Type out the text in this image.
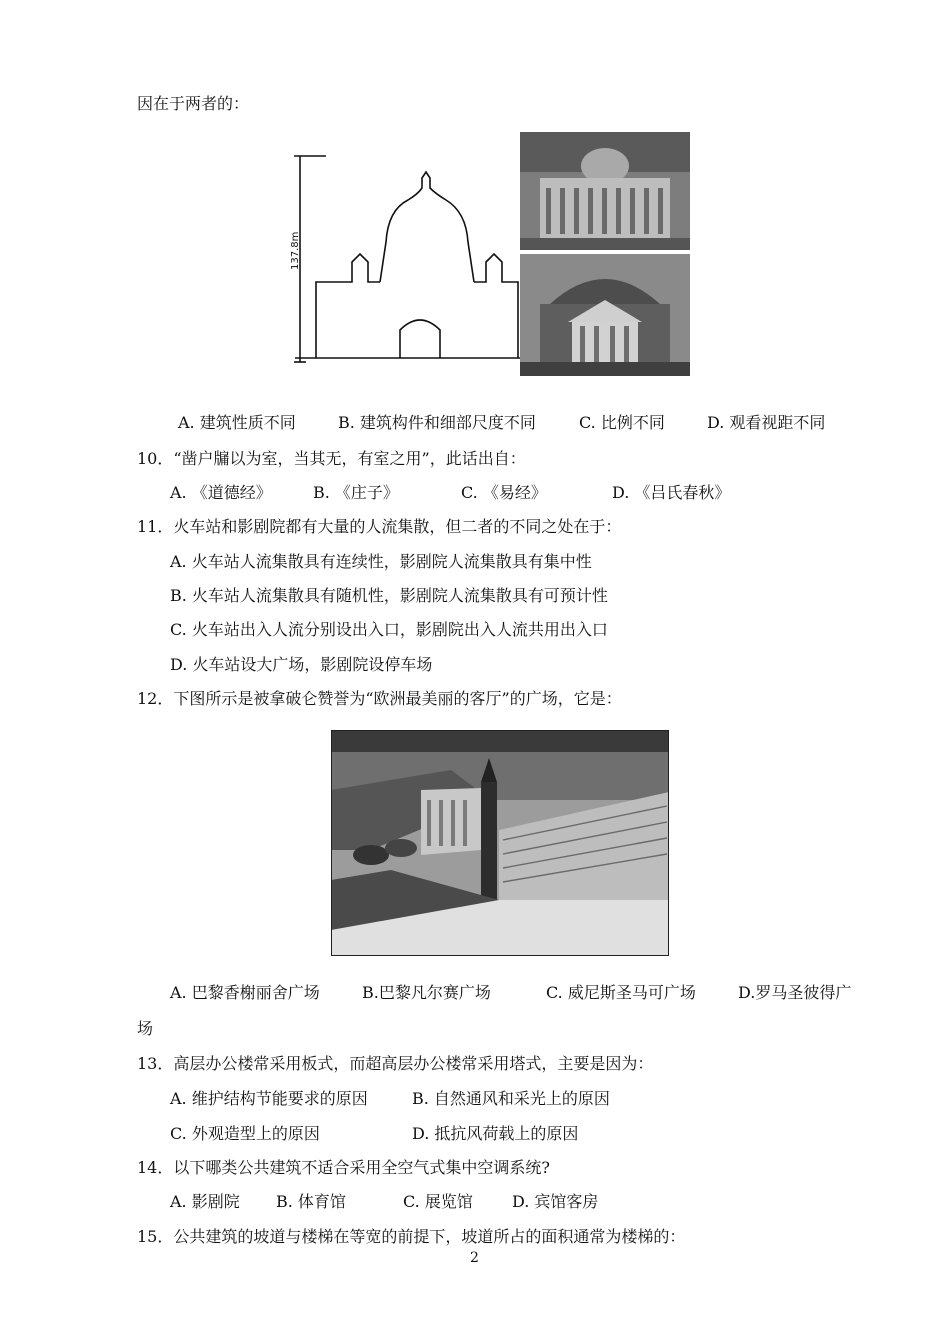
因在于两者的：
137.8m
A. 建筑性质不同	B. 建筑构件和细部尺度不同	C. 比例不同	D. 观看视距不同
10．“凿户牖以为室，当其无，有室之用”，此话出自：
A. 《道德经》	B. 《庄子》	C. 《易经》	D. 《吕氏春秋》
11．火车站和影剧院都有大量的人流集散，但二者的不同之处在于：
A. 火车站人流集散具有连续性，影剧院人流集散具有集中性
B. 火车站人流集散具有随机性，影剧院人流集散具有可预计性
C. 火车站出入人流分别设出入口，影剧院出入人流共用出入口
D. 火车站设大广场，影剧院设停车场
12．下图所示是被拿破仑赞誉为“欧洲最美丽的客厅”的广场，它是：
A. 巴黎香榭丽舍广场	B.巴黎凡尔赛广场	C. 威尼斯圣马可广场	D.罗马圣彼得广
场
13．高层办公楼常采用板式，而超高层办公楼常采用塔式，主要是因为：
A. 维护结构节能要求的原因	B. 自然通风和采光上的原因
C. 外观造型上的原因	D. 抵抗风荷载上的原因
14．以下哪类公共建筑不适合采用全空气式集中空调系统?
A. 影剧院 B. 体育馆	C. 展览馆 D. 宾馆客房
15．公共建筑的坡道与楼梯在等宽的前提下，坡道所占的面积通常为楼梯的：
2
